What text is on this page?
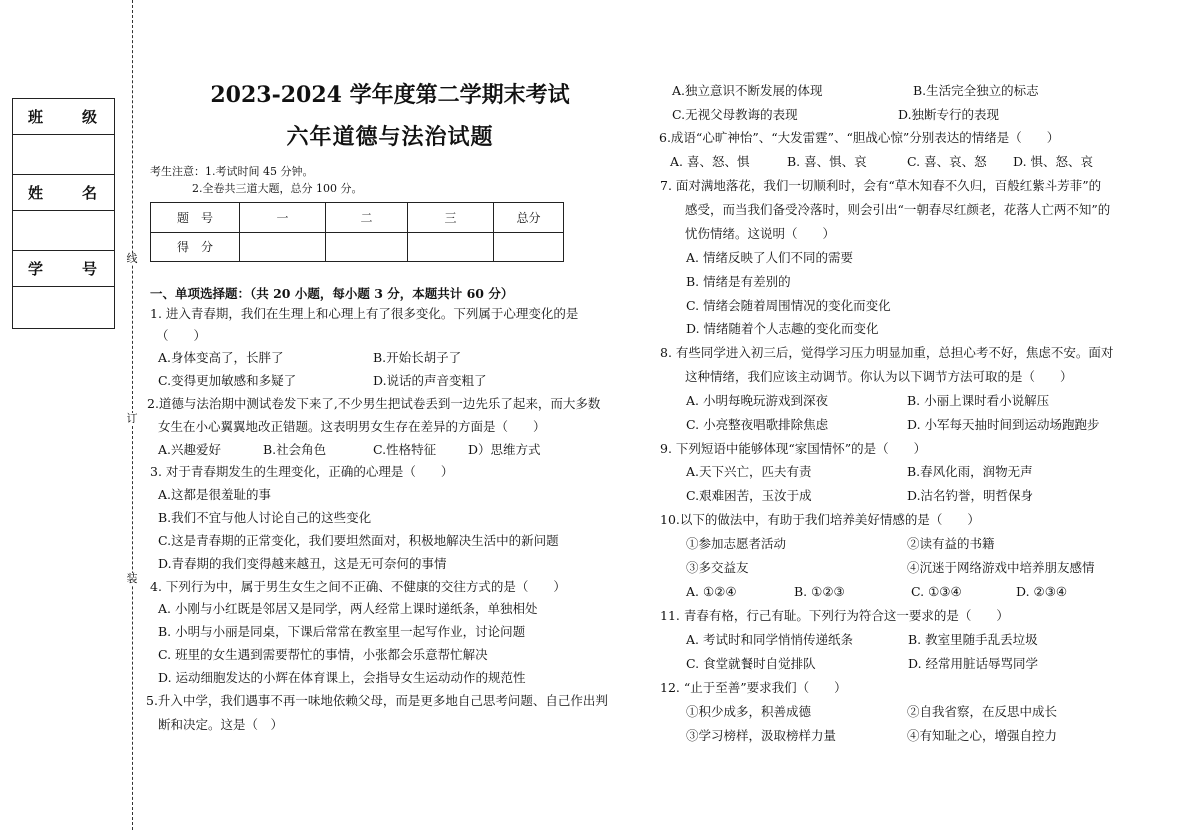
线
订
装
班　级
姓　名
学　号
2023-2024 学年度第二学期末考试
六年道德与法治试题
考生注意：1.考试时间 45 分钟。
2.全卷共三道大题，总分 100 分。
题　号	一	二	三	总分
得　分				
一、单项选择题：（共 20 小题，每小题 3 分，本题共计 60 分）
1. 进入青春期，我们在生理上和心理上有了很多变化。下列属于心理变化的是
（　　）
A.身体变高了，长胖了	B.开始长胡子了
C.变得更加敏感和多疑了	D.说话的声音变粗了
2.道德与法治期中测试卷发下来了,不少男生把试卷丢到一边先乐了起来，而大多数
女生在小心翼翼地改正错题。这表明男女生存在差异的方面是（　　）
A.兴趣爱好	B.社会角色	C.性格特征	D）思维方式
3. 对于青春期发生的生理变化，正确的心理是（　　）
A.这都是很羞耻的事
B.我们不宜与他人讨论自己的这些变化
C.这是青春期的正常变化，我们要坦然面对，积极地解决生活中的新问题
D.青春期的我们变得越来越丑，这是无可奈何的事情
4. 下列行为中，属于男生女生之间不正确、不健康的交往方式的是（　　）
A. 小刚与小红既是邻居又是同学，两人经常上课时递纸条，单独相处
B. 小明与小丽是同桌，下课后常常在教室里一起写作业，讨论问题
C. 班里的女生遇到需要帮忙的事情，小张都会乐意帮忙解决
D. 运动细胞发达的小辉在体育课上，会指导女生运动动作的规范性
5.升入中学，我们遇事不再一味地依赖父母，而是更多地自己思考问题、自己作出判
断和决定。这是（　）
A.独立意识不断发展的体现	B.生活完全独立的标志
C.无视父母教诲的表现	D.独断专行的表现
6.成语“心旷神怡”、“大发雷霆”、“胆战心惊”分别表达的情绪是（　　）
A. 喜、怒、惧	B. 喜、惧、哀	C. 喜、哀、怒 D. 惧、怒、哀
7. 面对满地落花，我们一切顺利时，会有“草木知春不久归，百般红紫斗芳菲”的
感受，而当我们备受冷落时，则会引出“一朝春尽红颜老，花落人亡两不知”的
忧伤情绪。这说明（　　）
A. 情绪反映了人们不同的需要
B. 情绪是有差别的
C. 情绪会随着周围情况的变化而变化
D. 情绪随着个人志趣的变化而变化
8. 有些同学进入初三后，觉得学习压力明显加重，总担心考不好，焦虑不安。面对
这种情绪，我们应该主动调节。你认为以下调节方法可取的是（　　）
A. 小明每晚玩游戏到深夜	B. 小丽上课时看小说解压
C. 小亮整夜唱歌排除焦虑	D. 小军每天抽时间到运动场跑跑步
9. 下列短语中能够体现“家国情怀”的是（　　）
A.天下兴亡，匹夫有责	B.春风化雨，润物无声
C.艰难困苦，玉汝于成	D.沽名钓誉，明哲保身
10.以下的做法中，有助于我们培养美好情感的是（　　）
①参加志愿者活动	②读有益的书籍
③多交益友	④沉迷于网络游戏中培养朋友感情
A. ①②④	B. ①②③	C. ①③④	D. ②③④
11. 青春有格，行己有耻。下列行为符合这一要求的是（　　）
A. 考试时和同学悄悄传递纸条	B. 教室里随手乱丢垃圾
C. 食堂就餐时自觉排队	D. 经常用脏话辱骂同学
12. “止于至善”要求我们（　　）
①积少成多，积善成德	②自我省察，在反思中成长
③学习榜样，汲取榜样力量	④有知耻之心，增强自控力
